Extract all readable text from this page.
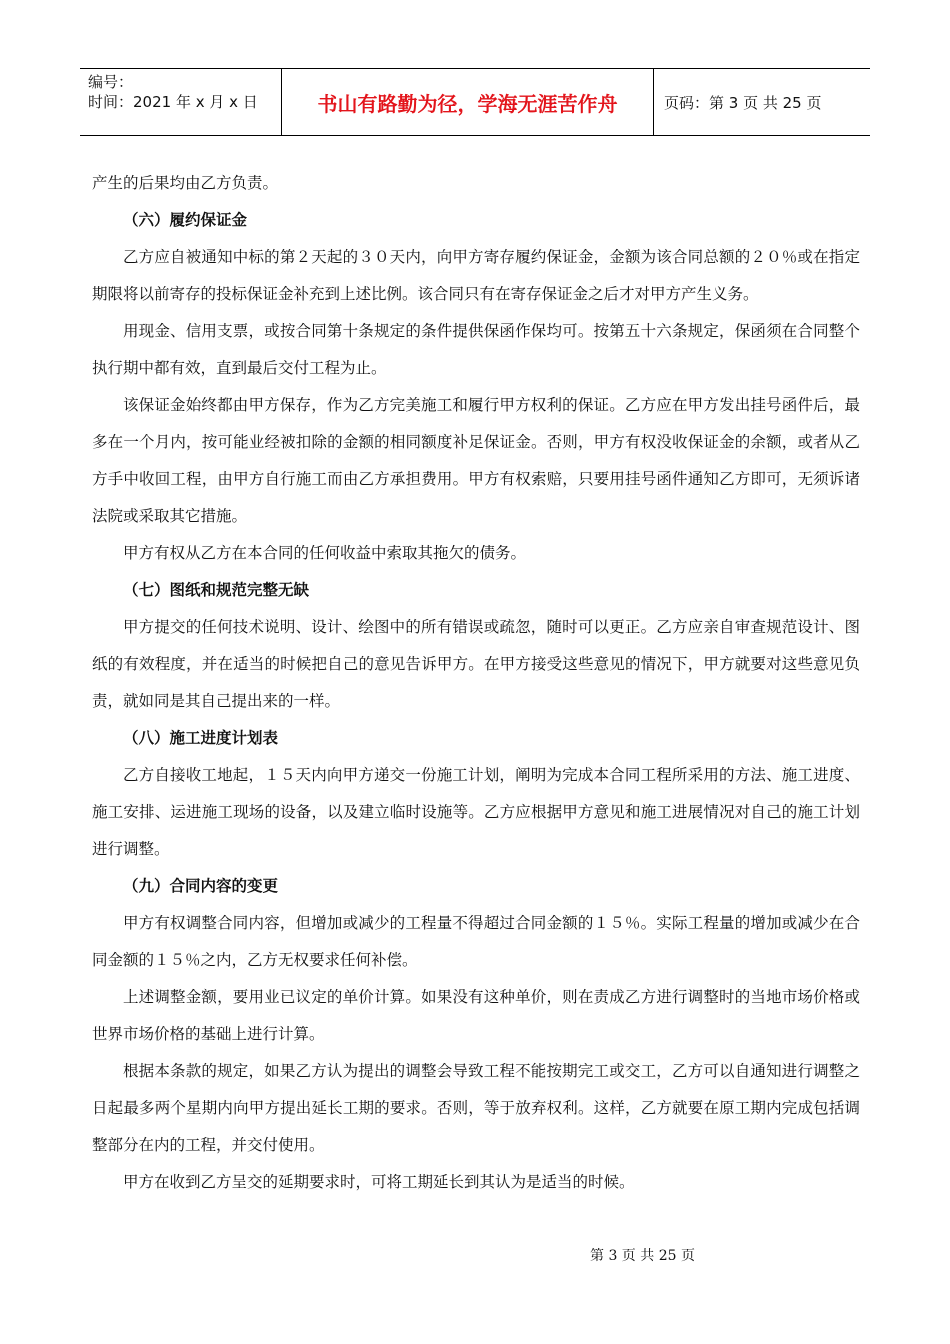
编号：
时间：2021 年 x 月 x 日	书山有路勤为径，学海无涯苦作舟	页码：第 3 页 共 25 页

产生的后果均由乙方负责。

（六）履约保证金

乙方应自被通知中标的第２天起的３０天内，向甲方寄存履约保证金，金额为该合同总额的２０％或在指定期限将以前寄存的投标保证金补充到上述比例。该合同只有在寄存保证金之后才对甲方产生义务。

用现金、信用支票，或按合同第十条规定的条件提供保函作保均可。按第五十六条规定，保函须在合同整个执行期中都有效，直到最后交付工程为止。

该保证金始终都由甲方保存，作为乙方完美施工和履行甲方权利的保证。乙方应在甲方发出挂号函件后，最多在一个月内，按可能业经被扣除的金额的相同额度补足保证金。否则，甲方有权没收保证金的余额，或者从乙方手中收回工程，由甲方自行施工而由乙方承担费用。甲方有权索赔，只要用挂号函件通知乙方即可，无须诉诸法院或采取其它措施。

甲方有权从乙方在本合同的任何收益中索取其拖欠的债务。

（七）图纸和规范完整无缺

甲方提交的任何技术说明、设计、绘图中的所有错误或疏忽，随时可以更正。乙方应亲自审查规范设计、图纸的有效程度，并在适当的时候把自己的意见告诉甲方。在甲方接受这些意见的情况下，甲方就要对这些意见负责，就如同是其自己提出来的一样。

（八）施工进度计划表

乙方自接收工地起，１５天内向甲方递交一份施工计划，阐明为完成本合同工程所采用的方法、施工进度、施工安排、运进施工现场的设备，以及建立临时设施等。乙方应根据甲方意见和施工进展情况对自己的施工计划进行调整。

（九）合同内容的变更

甲方有权调整合同内容，但增加或减少的工程量不得超过合同金额的１５％。实际工程量的增加或减少在合同金额的１５％之内，乙方无权要求任何补偿。

上述调整金额，要用业已议定的单价计算。如果没有这种单价，则在责成乙方进行调整时的当地市场价格或世界市场价格的基础上进行计算。

根据本条款的规定，如果乙方认为提出的调整会导致工程不能按期完工或交工，乙方可以自通知进行调整之日起最多两个星期内向甲方提出延长工期的要求。否则，等于放弃权利。这样，乙方就要在原工期内完成包括调整部分在内的工程，并交付使用。

甲方在收到乙方呈交的延期要求时，可将工期延长到其认为是适当的时候。

第 3 页 共 25 页
